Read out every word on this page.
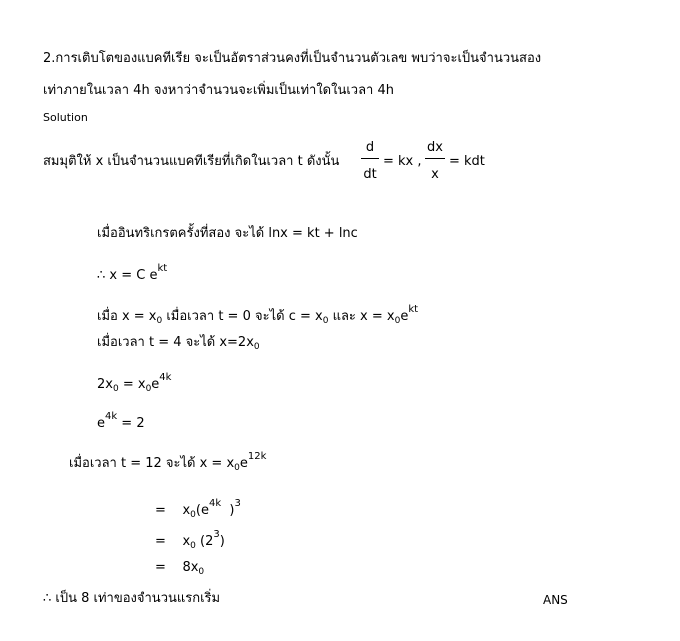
2.การเติบโตของแบคทีเรีย จะเป็นอัตราส่วนคงที่เป็นจำนวนตัวเลข พบว่าจะเป็นจำนวนสอง
เท่าภายในเวลา 4h จงหาว่าจำนวนจะเพิ่มเป็นเท่าใดในเวลา 4h
Solution
สมมุติให้ x เป็นจำนวนแบคทีเรียที่เกิดในเวลา t ดังนั้น
d
dt
= kx ,
dx
x
= kdt
เมื่ออินทริเกรตครั้งที่สอง จะได้ lnx = kt + lnc
∴ x = C $e^{kt}$
เมื่อ $x = x_0$ เมื่อเวลา t = 0 จะได้ $c = x_0$ และ $x = x_0e^{kt}$
เมื่อเวลา t = 4 จะได้ $x=2x_0$
$2x_0 = x_0e^{4k}$
$e^{4k} = 2$
เมื่อเวลา t = 12 จะได้ $x = x_0e^{12k}$
= $x_0(e^{4k}$ )$^3$
= $x_0$ $(2^3)$
= $8x_0$
∴ เป็น 8 เท่าของจำนวนแรกเริ่ม	ANS
